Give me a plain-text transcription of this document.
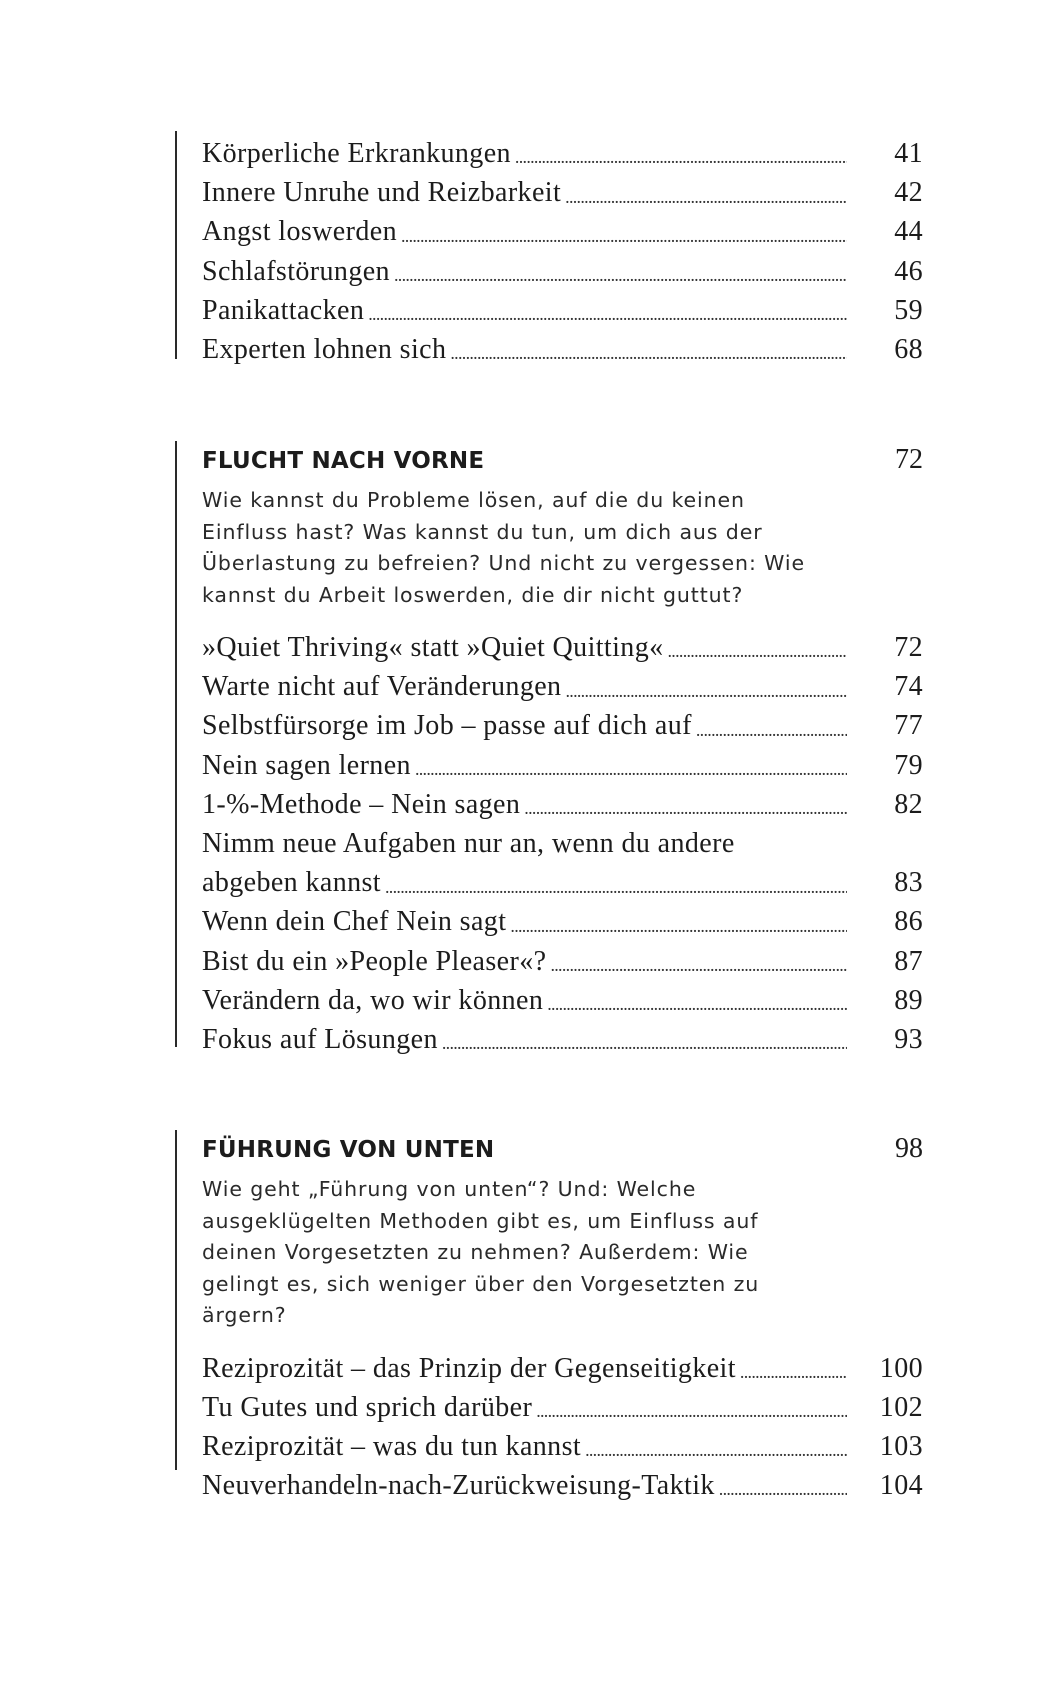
Körperliche Erkrankungen . . .	41
Innere Unruhe und Reizbarkeit . . .	42
Angst loswerden . . .	44
Schlafstörungen . . .	46
Panikattacken . . .	59
Experten lohnen sich . . .	68
FLUCHT NACH VORNE . . .	72
Wie kannst du Probleme lösen, auf die du keinen Einfluss hast? Was kannst du tun, um dich aus der Überlastung zu befreien? Und nicht zu vergessen: Wie kannst du Arbeit loswerden, die dir nicht guttut?
»Quiet Thriving« statt »Quiet Quitting« . . .	72
Warte nicht auf Veränderungen . . .	74
Selbstfürsorge im Job – passe auf dich auf . . .	77
Nein sagen lernen . . .	79
1-%-Methode – Nein sagen . . .	82
Nimm neue Aufgaben nur an, wenn du andere
abgeben kannst . . .	83
Wenn dein Chef Nein sagt . . .	86
Bist du ein »People Pleaser«? . . .	87
Verändern da, wo wir können . . .	89
Fokus auf Lösungen . . .	93
FÜHRUNG VON UNTEN . . .	98
Wie geht „Führung von unten“? Und: Welche ausgeklügelten Methoden gibt es, um Einfluss auf deinen Vorgesetzten zu nehmen? Außerdem: Wie gelingt es, sich weniger über den Vorgesetzten zu ärgern?
Reziprozität – das Prinzip der Gegenseitigkeit . . .	100
Tu Gutes und sprich darüber . . .	102
Reziprozität – was du tun kannst . . .	103
Neuverhandeln-nach-Zurückweisung-Taktik . . .	104
